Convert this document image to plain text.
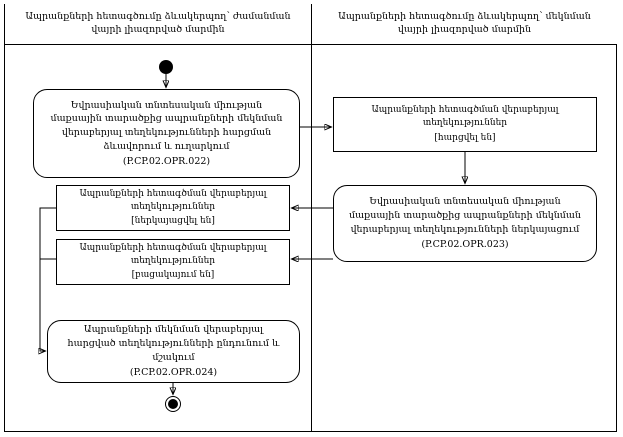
Ապրանքների հետագծումը ձևակերպող՝ ժամանման վայրի լիազորված մարմին
Ապրանքների հետագծումը ձևակերպող՝ մեկնման վայրի լիազորված մարմին
Եվրասիական տնտեսական միության մաքսային տարածքից ապրանքների մեկնման վերաբերյալ տեղեկությունների հարցման ձևավորում և ուղարկում
(P.CP.02.OPR.022)
Ապրանքների հետագծման վերաբերյալ տեղեկություններ
[հարցվել են]
Եվրասիական տնտեսական միության մաքսային տարածքից ապրանքների մեկնման վերաբերյալ տեղեկությունների ներկայացում
(P.CP.02.OPR.023)
Ապրանքների հետագծման վերաբերյալ տեղեկություններ
[ներկայացվել են]
Ապրանքների հետագծման վերաբերյալ տեղեկություններ
[բացակայում են]
Ապրանքների մեկնման վերաբերյալ հարցված տեղեկությունների ընդունում և մշակում
(P.CP.02.OPR.024)
